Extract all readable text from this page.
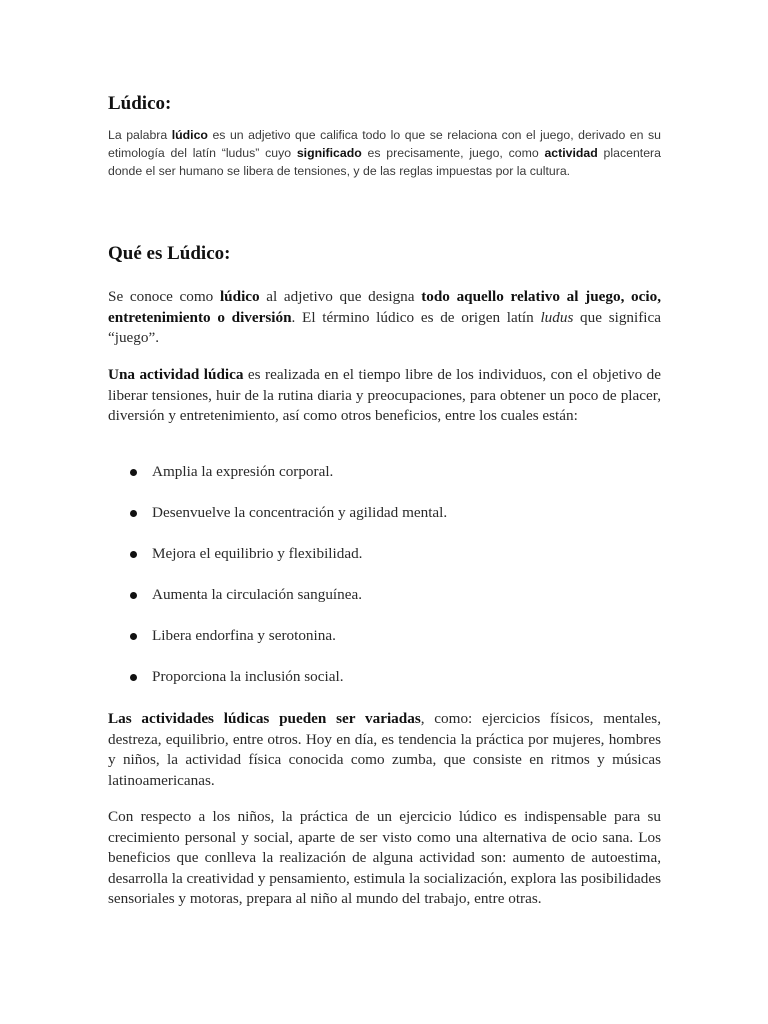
Lúdico:

La palabra lúdico es un adjetivo que califica todo lo que se relaciona con el juego, derivado en su etimología del latín “ludus” cuyo significado es precisamente, juego, como actividad placentera donde el ser humano se libera de tensiones, y de las reglas impuestas por la cultura.

Qué es Lúdico:

Se conoce como lúdico al adjetivo que designa todo aquello relativo al juego, ocio, entretenimiento o diversión. El término lúdico es de origen latín ludus que significa “juego”.

Una actividad lúdica es realizada en el tiempo libre de los individuos, con el objetivo de liberar tensiones, huir de la rutina diaria y preocupaciones, para obtener un poco de placer, diversión y entretenimiento, así como otros beneficios, entre los cuales están:

Amplia la expresión corporal.
Desenvuelve la concentración y agilidad mental.
Mejora el equilibrio y flexibilidad.
Aumenta la circulación sanguínea.
Libera endorfina y serotonina.
Proporciona la inclusión social.

Las actividades lúdicas pueden ser variadas, como: ejercicios físicos, mentales, destreza, equilibrio, entre otros. Hoy en día, es tendencia la práctica por mujeres, hombres y niños, la actividad física conocida como zumba, que consiste en ritmos y músicas latinoamericanas.

Con respecto a los niños, la práctica de un ejercicio lúdico es indispensable para su crecimiento personal y social, aparte de ser visto como una alternativa de ocio sana. Los beneficios que conlleva la realización de alguna actividad son: aumento de autoestima, desarrolla la creatividad y pensamiento, estimula la socialización, explora las posibilidades sensoriales y motoras, prepara al niño al mundo del trabajo, entre otras.
